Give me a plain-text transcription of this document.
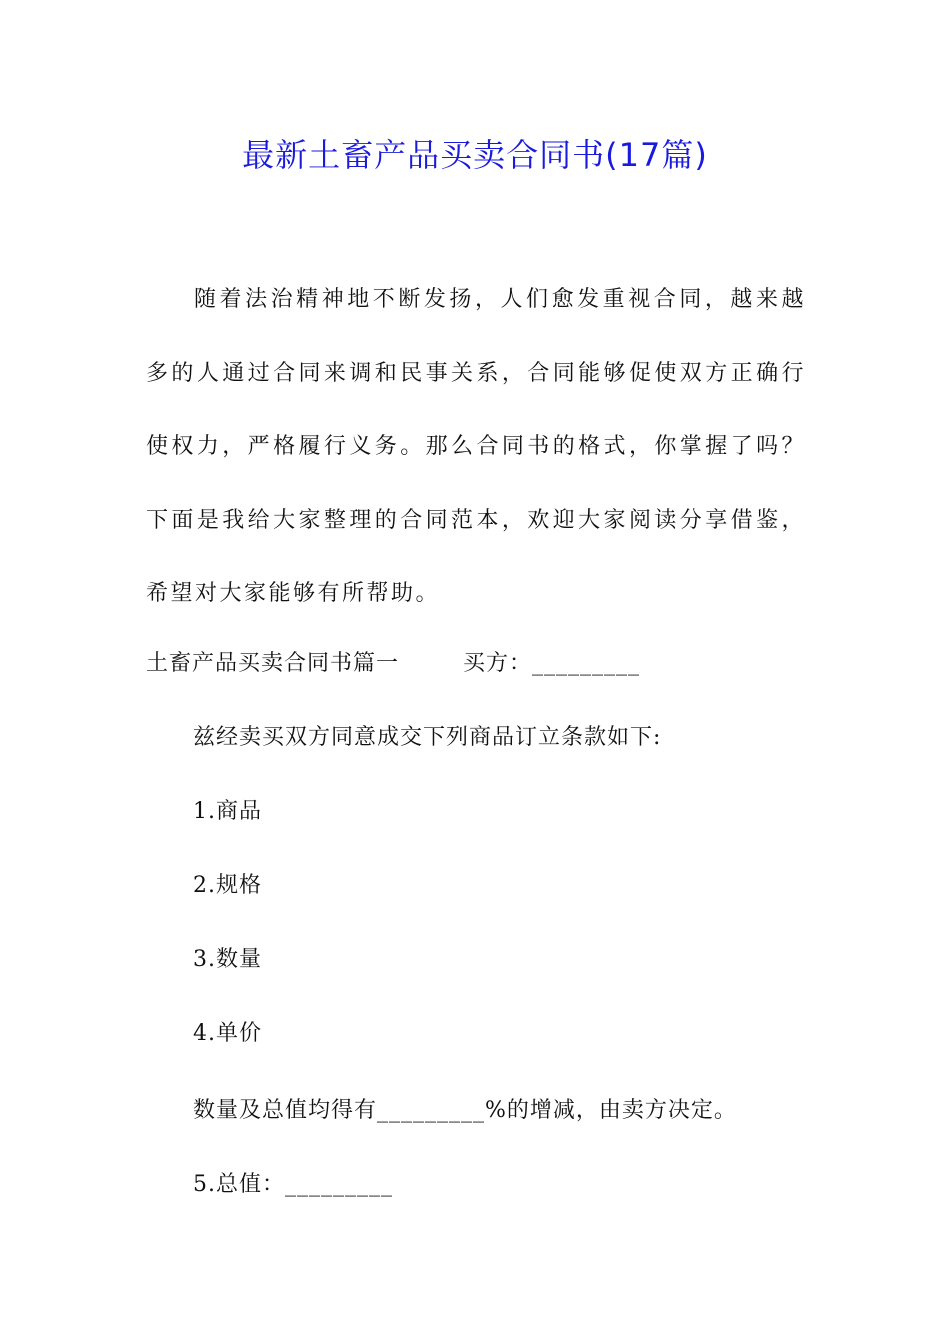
最新土畜产品买卖合同书(17篇)

随着法治精神地不断发扬，人们愈发重视合同，越来越多的人通过合同来调和民事关系，合同能够促使双方正确行使权力，严格履行义务。那么合同书的格式，你掌握了吗？下面是我给大家整理的合同范本，欢迎大家阅读分享借鉴，希望对大家能够有所帮助。

土畜产品买卖合同书篇一        买方：_________

兹经卖买双方同意成交下列商品订立条款如下:

1.商品

2.规格

3.数量

4.单价

数量及总值均得有_________%的增减，由卖方决定。

5.总值：_________
